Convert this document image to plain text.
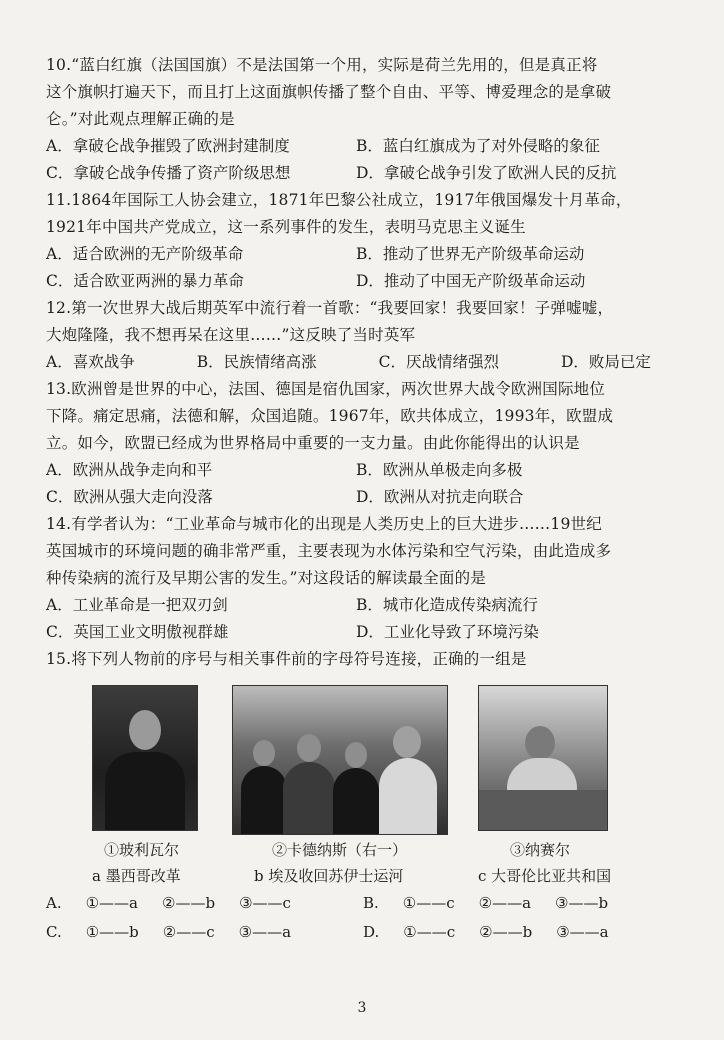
10.“蓝白红旗（法国国旗）不是法国第一个用，实际是荷兰先用的，但是真正将
这个旗帜打遍天下，而且打上这面旗帜传播了整个自由、平等、博爱理念的是拿破
仑。”对此观点理解正确的是
A．拿破仑战争摧毁了欧洲封建制度	B．蓝白红旗成为了对外侵略的象征
C．拿破仑战争传播了资产阶级思想	D．拿破仑战争引发了欧洲人民的反抗
11.1864年国际工人协会建立，1871年巴黎公社成立，1917年俄国爆发十月革命，
1921年中国共产党成立，这一系列事件的发生，表明马克思主义诞生
A．适合欧洲的无产阶级革命	B．推动了世界无产阶级革命运动
C．适合欧亚两洲的暴力革命	D．推动了中国无产阶级革命运动
12.第一次世界大战后期英军中流行着一首歌：“我要回家！我要回家！子弹嘘嘘，
大炮隆隆，我不想再呆在这里……”这反映了当时英军
A．喜欢战争	B．民族情绪高涨	C．厌战情绪强烈	D．败局已定
13.欧洲曾是世界的中心，法国、德国是宿仇国家，两次世界大战令欧洲国际地位
下降。痛定思痛，法德和解，众国追随。1967年，欧共体成立，1993年，欧盟成
立。如今，欧盟已经成为世界格局中重要的一支力量。由此你能得出的认识是
A．欧洲从战争走向和平	B．欧洲从单极走向多极
C．欧洲从强大走向没落	D．欧洲从对抗走向联合
14.有学者认为：“工业革命与城市化的出现是人类历史上的巨大进步……19世纪
英国城市的环境问题的确非常严重，主要表现为水体污染和空气污染，由此造成多
种传染病的流行及早期公害的发生。”对这段话的解读最全面的是
A．工业革命是一把双刃剑	B．城市化造成传染病流行
C．英国工业文明傲视群雄	D．工业化导致了环境污染
15.将下列人物前的序号与相关事件前的字母符号连接，正确的一组是
①玻利瓦尔	②卡德纳斯（右一）	③纳赛尔
a 墨西哥改革	b 埃及收回苏伊士运河	c 大哥伦比亚共和国
A. ①——a ②——b ③——c	B. ①——c ②——a ③——b
C. ①——b ②——c ③——a	D. ①——c ②——b ③——a
3
